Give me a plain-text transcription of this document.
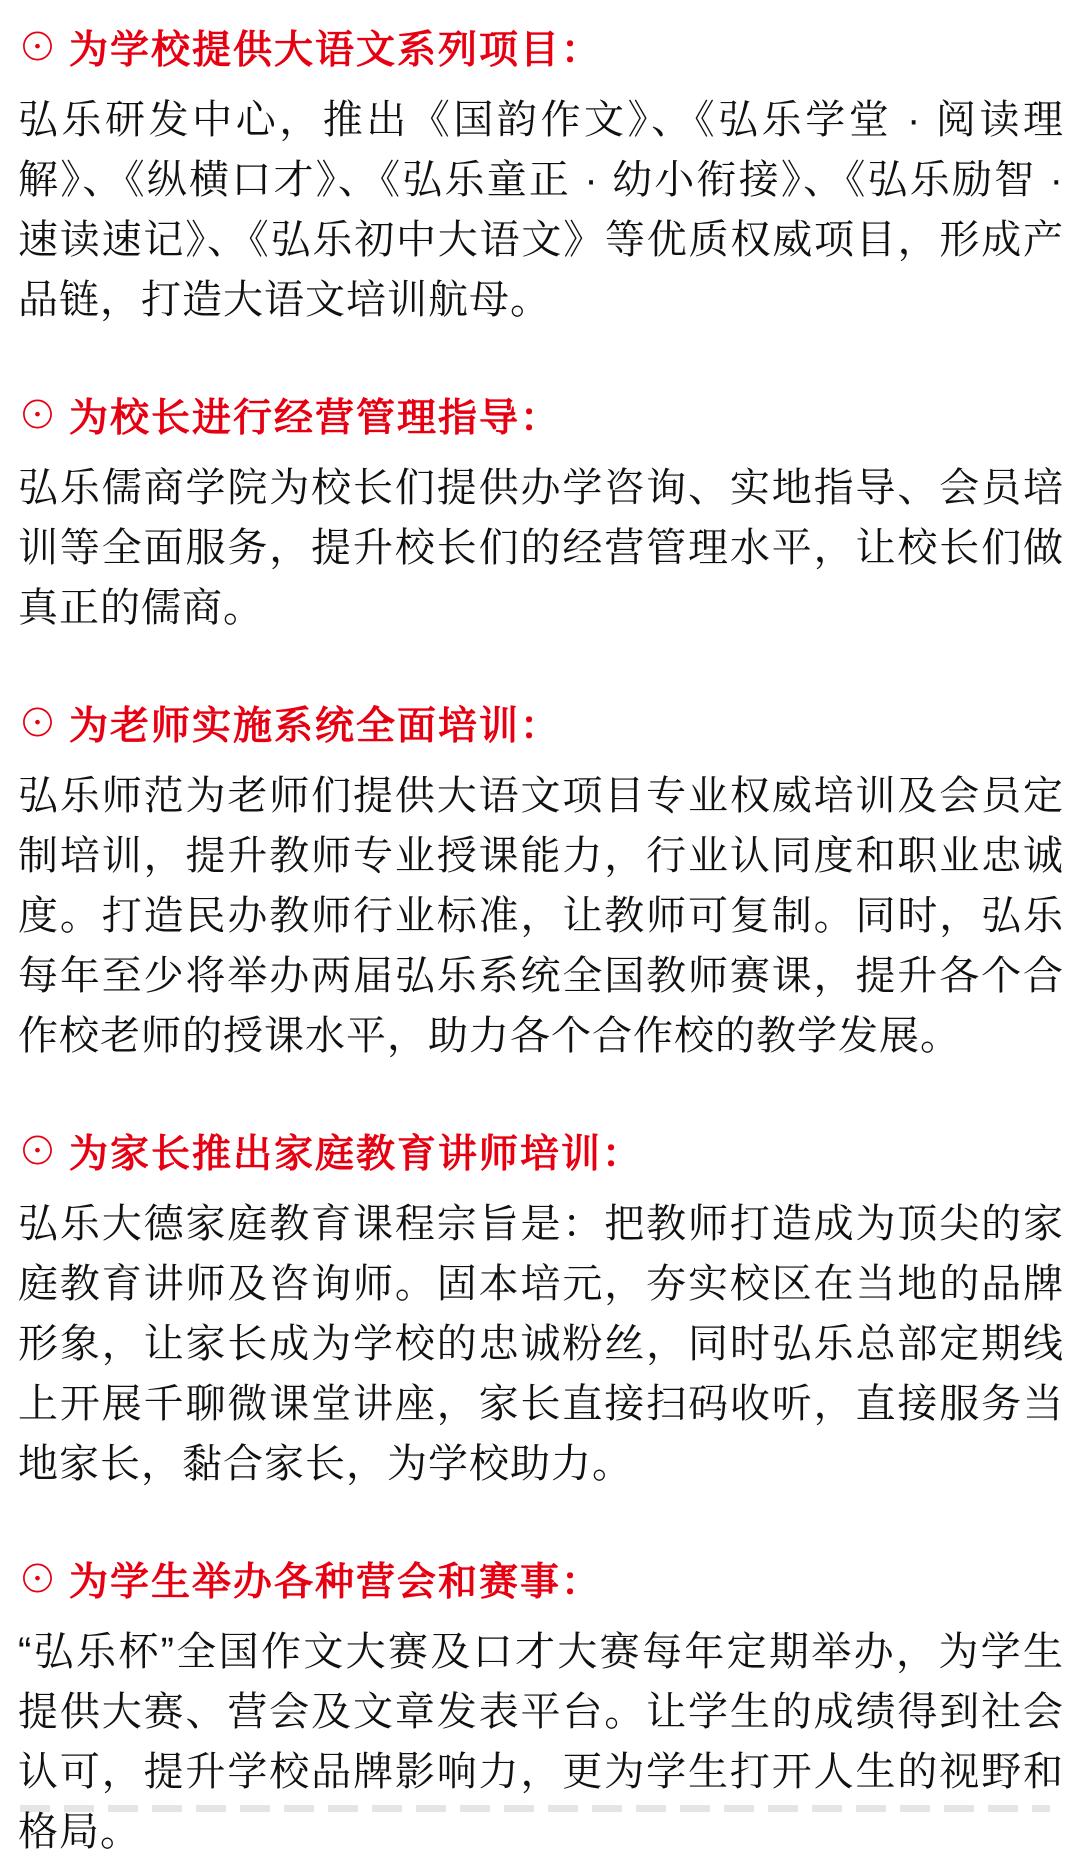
⊙ 为学校提供大语文系列项目：

弘乐研发中心，推出《国韵作文》、《弘乐学堂 · 阅读理解》、《纵横口才》、《弘乐童正 · 幼小衔接》、《弘乐励智 · 速读速记》、《弘乐初中大语文》等优质权威项目，形成产品链，打造大语文培训航母。

⊙ 为校长进行经营管理指导：

弘乐儒商学院为校长们提供办学咨询、实地指导、会员培训等全面服务，提升校长们的经营管理水平，让校长们做真正的儒商。

⊙ 为老师实施系统全面培训：

弘乐师范为老师们提供大语文项目专业权威培训及会员定制培训，提升教师专业授课能力，行业认同度和职业忠诚度。打造民办教师行业标准，让教师可复制。同时，弘乐每年至少将举办两届弘乐系统全国教师赛课，提升各个合作校老师的授课水平，助力各个合作校的教学发展。

⊙ 为家长推出家庭教育讲师培训：

弘乐大德家庭教育课程宗旨是：把教师打造成为顶尖的家庭教育讲师及咨询师。固本培元，夯实校区在当地的品牌形象，让家长成为学校的忠诚粉丝，同时弘乐总部定期线上开展千聊微课堂讲座，家长直接扫码收听，直接服务当地家长，黏合家长，为学校助力。

⊙ 为学生举办各种营会和赛事：

“弘乐杯”全国作文大赛及口才大赛每年定期举办，为学生提供大赛、营会及文章发表平台。让学生的成绩得到社会认可，提升学校品牌影响力，更为学生打开人生的视野和格局。
